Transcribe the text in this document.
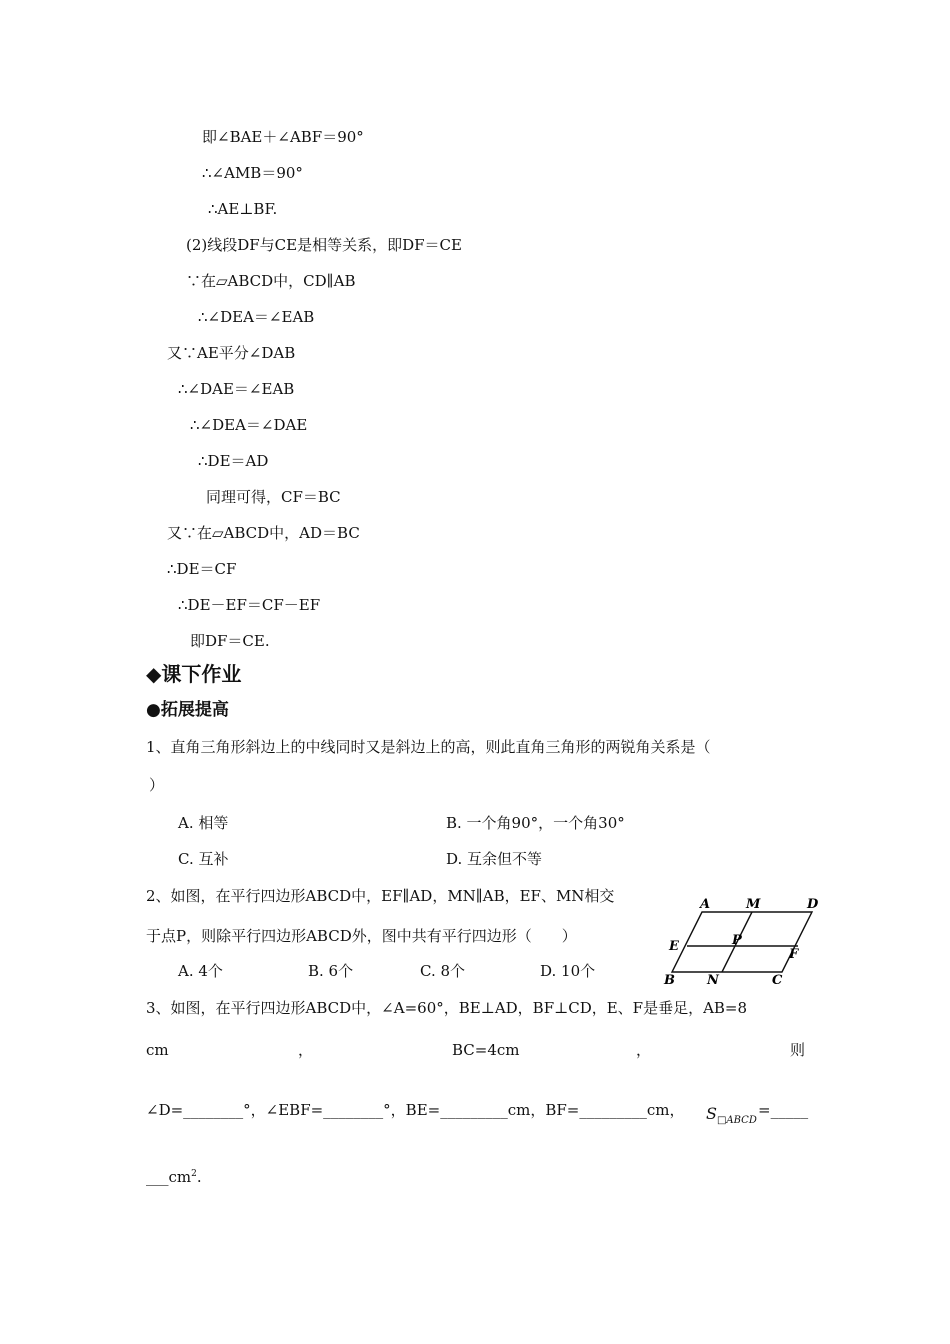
即∠BAE＋∠ABF＝90°
∴∠AMB＝90°
∴AE⊥BF.
(2)线段DF与CE是相等关系，即DF＝CE
∵在▱ABCD中，CD∥AB
∴∠DEA＝∠EAB
又∵AE平分∠DAB
∴∠DAE＝∠EAB
∴∠DEA＝∠DAE
∴DE＝AD
同理可得，CF＝BC
又∵在▱ABCD中，AD＝BC
∴DE＝CF
∴DE－EF＝CF－EF
即DF＝CE.
◆课下作业
●拓展提高
1、直角三角形斜边上的中线同时又是斜边上的高，则此直角三角形的两锐角关系是（
）
A. 相等	B. 一个角90°，一个角30°
C. 互补	D. 互余但不等
2、如图，在平行四边形ABCD中，EF∥AD，MN∥AB，EF、MN相交
于点P，则除平行四边形ABCD外，图中共有平行四边形（　　）
A. 4个	B. 6个	C. 8个	D. 10个
A	M	D
E	P
F
B N	C
3、如图，在平行四边形ABCD中，∠A=60°，BE⊥AD，BF⊥CD，E、F是垂足，AB=8
cm	，	BC=4cm	，	则
∠D=________°，∠EBF=________°，BE=_________cm，BF=_________cm， $S_{□ABCD}$
=_____
$\_\_\_cm^2$.
